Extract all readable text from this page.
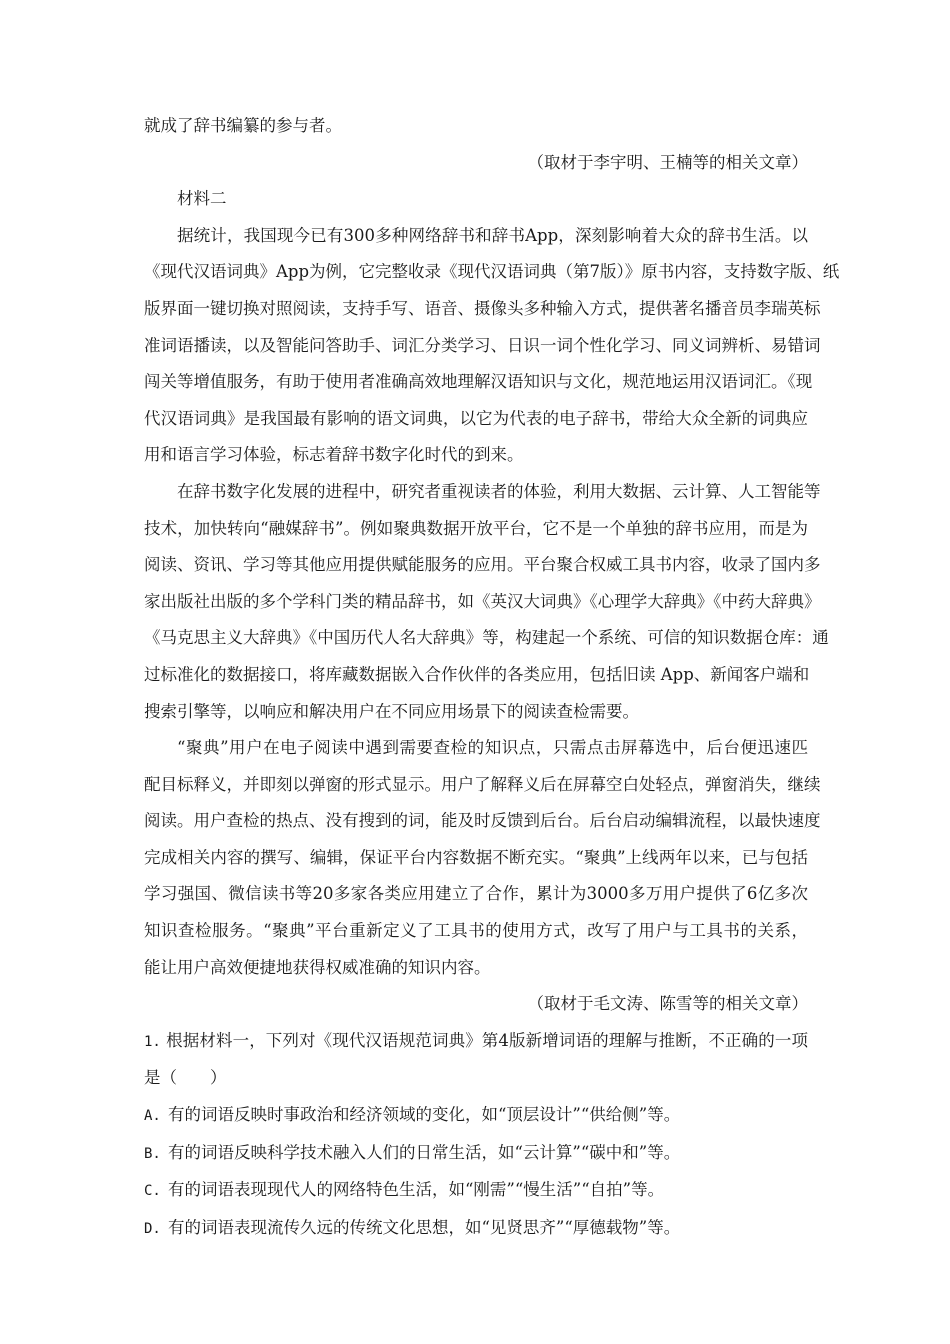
就成了辞书编纂的参与者。

（取材于李宇明、王楠等的相关文章）

材料二

据统计，我国现今已有300多种网络辞书和辞书App，深刻影响着大众的辞书生活。以

《现代汉语词典》App为例，它完整收录《现代汉语词典（第7版）》原书内容，支持数字版、纸

版界面一键切换对照阅读，支持手写、语音、摄像头多种输入方式，提供著名播音员李瑞英标

准词语播读，以及智能问答助手、词汇分类学习、日识一词个性化学习、同义词辨析、易错词

闯关等增值服务，有助于使用者准确高效地理解汉语知识与文化，规范地运用汉语词汇。《现

代汉语词典》是我国最有影响的语文词典，以它为代表的电子辞书，带给大众全新的词典应

用和语言学习体验，标志着辞书数字化时代的到来。

在辞书数字化发展的进程中，研究者重视读者的体验，利用大数据、云计算、人工智能等

技术，加快转向“融媒辞书”。例如聚典数据开放平台，它不是一个单独的辞书应用，而是为

阅读、资讯、学习等其他应用提供赋能服务的应用。平台聚合权威工具书内容，收录了国内多

家出版社出版的多个学科门类的精品辞书，如《英汉大词典》《心理学大辞典》《中药大辞典》

《马克思主义大辞典》《中国历代人名大辞典》等，构建起一个系统、可信的知识数据仓库：通

过标准化的数据接口，将库藏数据嵌入合作伙伴的各类应用，包括旧读 App、新闻客户端和

搜索引擎等，以响应和解决用户在不同应用场景下的阅读查检需要。

“聚典”用户在电子阅读中遇到需要查检的知识点，只需点击屏幕选中，后台便迅速匹

配目标释义，并即刻以弹窗的形式显示。用户了解释义后在屏幕空白处轻点，弹窗消失，继续

阅读。用户查检的热点、没有搜到的词，能及时反馈到后台。后台启动编辑流程，以最快速度

完成相关内容的撰写、编辑，保证平台内容数据不断充实。“聚典”上线两年以来，已与包括

学习强国、微信读书等20多家各类应用建立了合作，累计为3000多万用户提供了6亿多次

知识查检服务。“聚典”平台重新定义了工具书的使用方式，改写了用户与工具书的关系，

能让用户高效便捷地获得权威准确的知识内容。

（取材于毛文涛、陈雪等的相关文章）

1. 根据材料一，下列对《现代汉语规范词典》第4版新增词语的理解与推断，不正确的一项

是（　　）

A. 有的词语反映时事政治和经济领域的变化，如“顶层设计”“供给侧”等。

B. 有的词语反映科学技术融入人们的日常生活，如“云计算”“碳中和”等。

C. 有的词语表现现代人的网络特色生活，如“刚需”“慢生活”“自拍”等。

D. 有的词语表现流传久远的传统文化思想，如“见贤思齐”“厚德载物”等。
